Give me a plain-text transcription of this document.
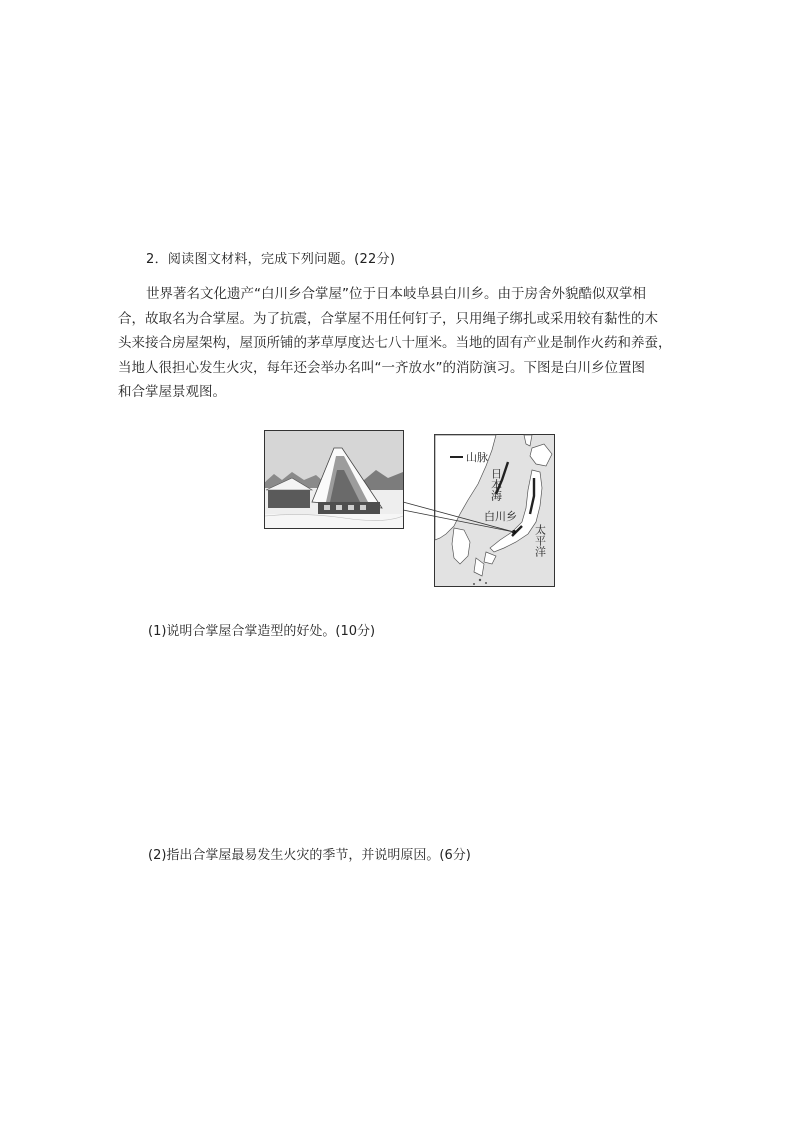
2．阅读图文材料，完成下列问题。(22分)
世界著名文化遗产“白川乡合掌屋”位于日本岐阜县白川乡。由于房舍外貌酷似双掌相
合，故取名为合掌屋。为了抗震，合掌屋不用任何钉子，只用绳子绑扎或采用较有黏性的木
头来接合房屋架构，屋顶所铺的茅草厚度达七八十厘米。当地的固有产业是制作火药和养蚕，
当地人很担心发生火灾，每年还会举办名叫“一齐放水”的消防演习。下图是白川乡位置图
和合掌屋景观图。
山脉
日本海
白川乡
太平洋
(1)说明合掌屋合掌造型的好处。(10分)
(2)指出合掌屋最易发生火灾的季节，并说明原因。(6分)
